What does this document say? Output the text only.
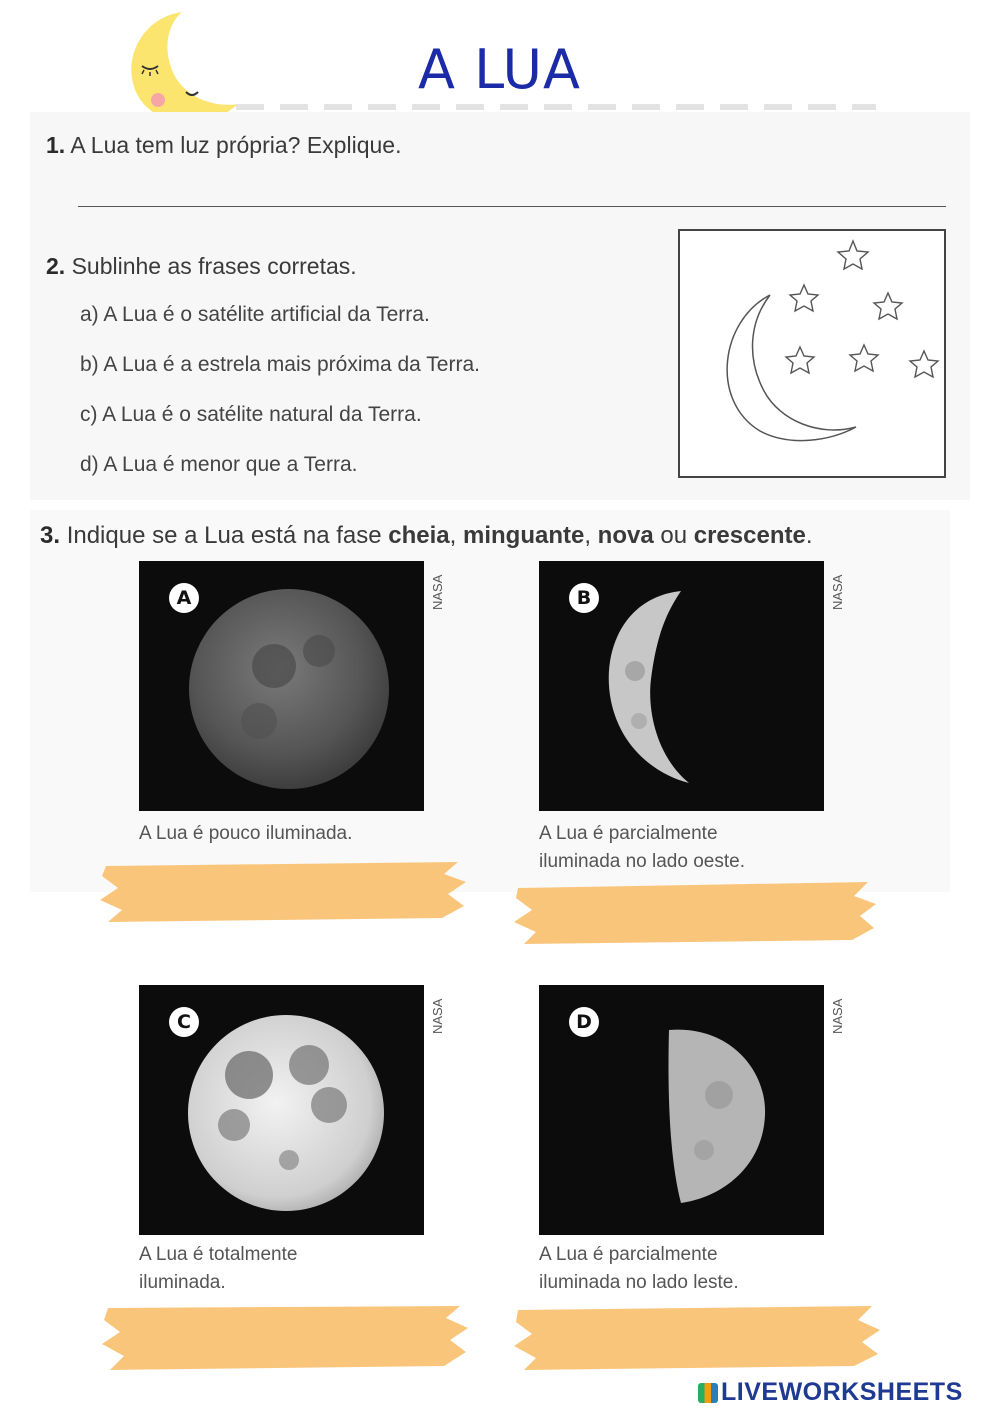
A LUA
1. A Lua tem luz própria? Explique.
2. Sublinhe as frases corretas.
a) A Lua é o satélite artificial da Terra.
b) A Lua é a estrela mais próxima da Terra.
c) A Lua é o satélite natural da Terra.
d) A Lua é menor que a Terra.
3. Indique se a Lua está na fase cheia, minguante, nova ou crescente.
A	NASA
A Lua é pouco iluminada.
B	NASA
A Lua é parcialmente iluminada no lado oeste.
C	NASA
A Lua é totalmente iluminada.
D	NASA
A Lua é parcialmente iluminada no lado leste.
LIVEWORKSHEETS
